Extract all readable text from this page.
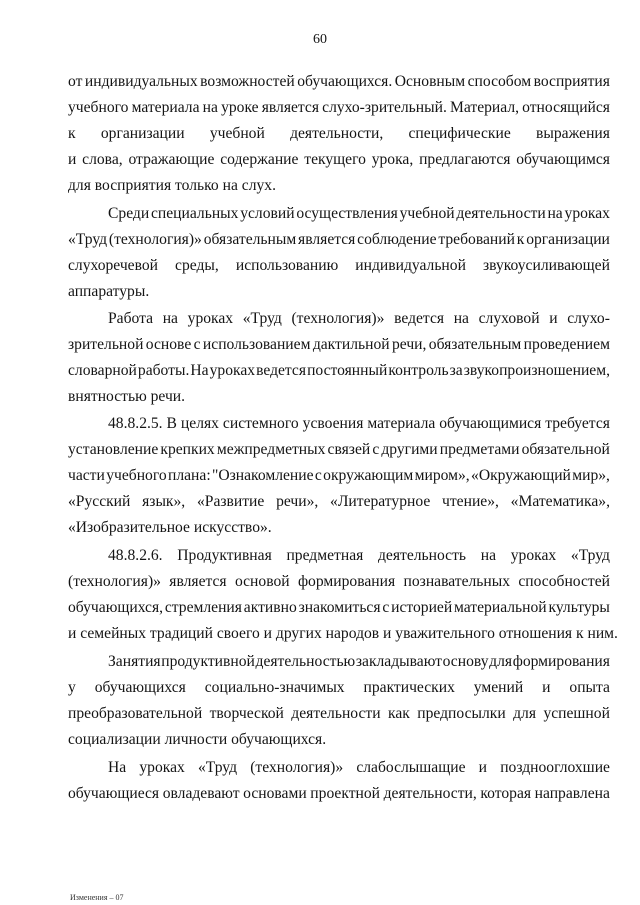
60
от индивидуальных возможностей обучающихся. Основным способом восприятия
учебного материала на уроке является слухо-зрительный. Материал, относящийся
к организации учебной деятельности, специфические выражения
и слова, отражающие содержание текущего урока, предлагаются обучающимся
для восприятия только на слух.
Среди специальных условий осуществления учебной деятельности на уроках
«Труд (технология)» обязательным является соблюдение требований к организации
слухоречевой среды, использованию индивидуальной звукоусиливающей
аппаратуры.
Работа на уроках «Труд (технология)» ведется на слуховой и слухо-
зрительной основе с использованием дактильной речи, обязательным проведением
словарной работы. На уроках ведется постоянный контроль за звукопроизношением,
внятностью речи.
48.8.2.5. В целях системного усвоения материала обучающимися требуется
установление крепких межпредметных связей с другими предметами обязательной
части учебного плана: "Ознакомление с окружающим миром», «Окружающий мир»,
«Русский язык», «Развитие речи», «Литературное чтение», «Математика»,
«Изобразительное искусство».
48.8.2.6. Продуктивная предметная деятельность на уроках «Труд
(технология)» является основой формирования познавательных способностей
обучающихся, стремления активно знакомиться с историей материальной культуры
и семейных традиций своего и других народов и уважительного отношения к ним.
Занятия продуктивной деятельностью закладывают основу для формирования
у обучающихся социально-значимых практических умений и опыта
преобразовательной творческой деятельности как предпосылки для успешной
социализации личности обучающихся.
На уроках «Труд (технология)» слабослышащие и позднооглохшие
обучающиеся овладевают основами проектной деятельности, которая направлена
Изменения – 07
